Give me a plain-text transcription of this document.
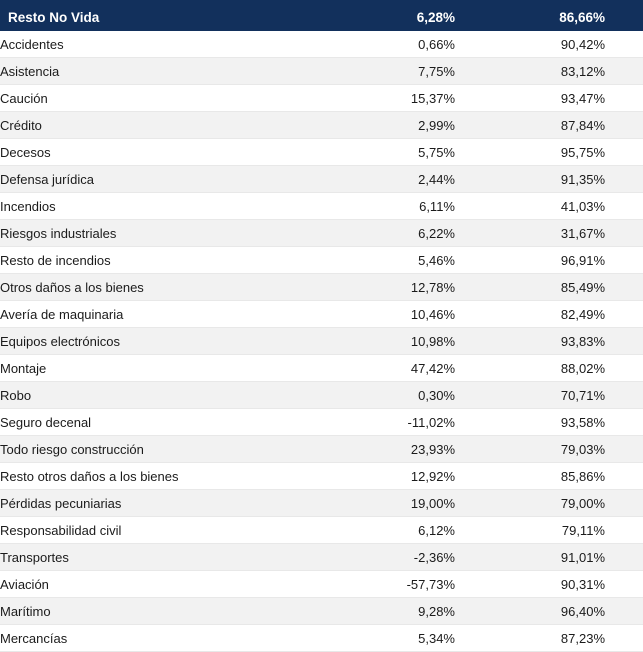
Resto No Vida	6,28%	86,66%
Accidentes	0,66%	90,42%
Asistencia	7,75%	83,12%
Caución	15,37%	93,47%
Crédito	2,99%	87,84%
Decesos	5,75%	95,75%
Defensa jurídica	2,44%	91,35%
Incendios	6,11%	41,03%
Riesgos industriales	6,22%	31,67%
Resto de incendios	5,46%	96,91%
Otros daños a los bienes	12,78%	85,49%
Avería de maquinaria	10,46%	82,49%
Equipos electrónicos	10,98%	93,83%
Montaje	47,42%	88,02%
Robo	0,30%	70,71%
Seguro decenal	-11,02%	93,58%
Todo riesgo construcción	23,93%	79,03%
Resto otros daños a los bienes	12,92%	85,86%
Pérdidas pecuniarias	19,00%	79,00%
Responsabilidad civil	6,12%	79,11%
Transportes	-2,36%	91,01%
Aviación	-57,73%	90,31%
Marítimo	9,28%	96,40%
Mercancías	5,34%	87,23%
